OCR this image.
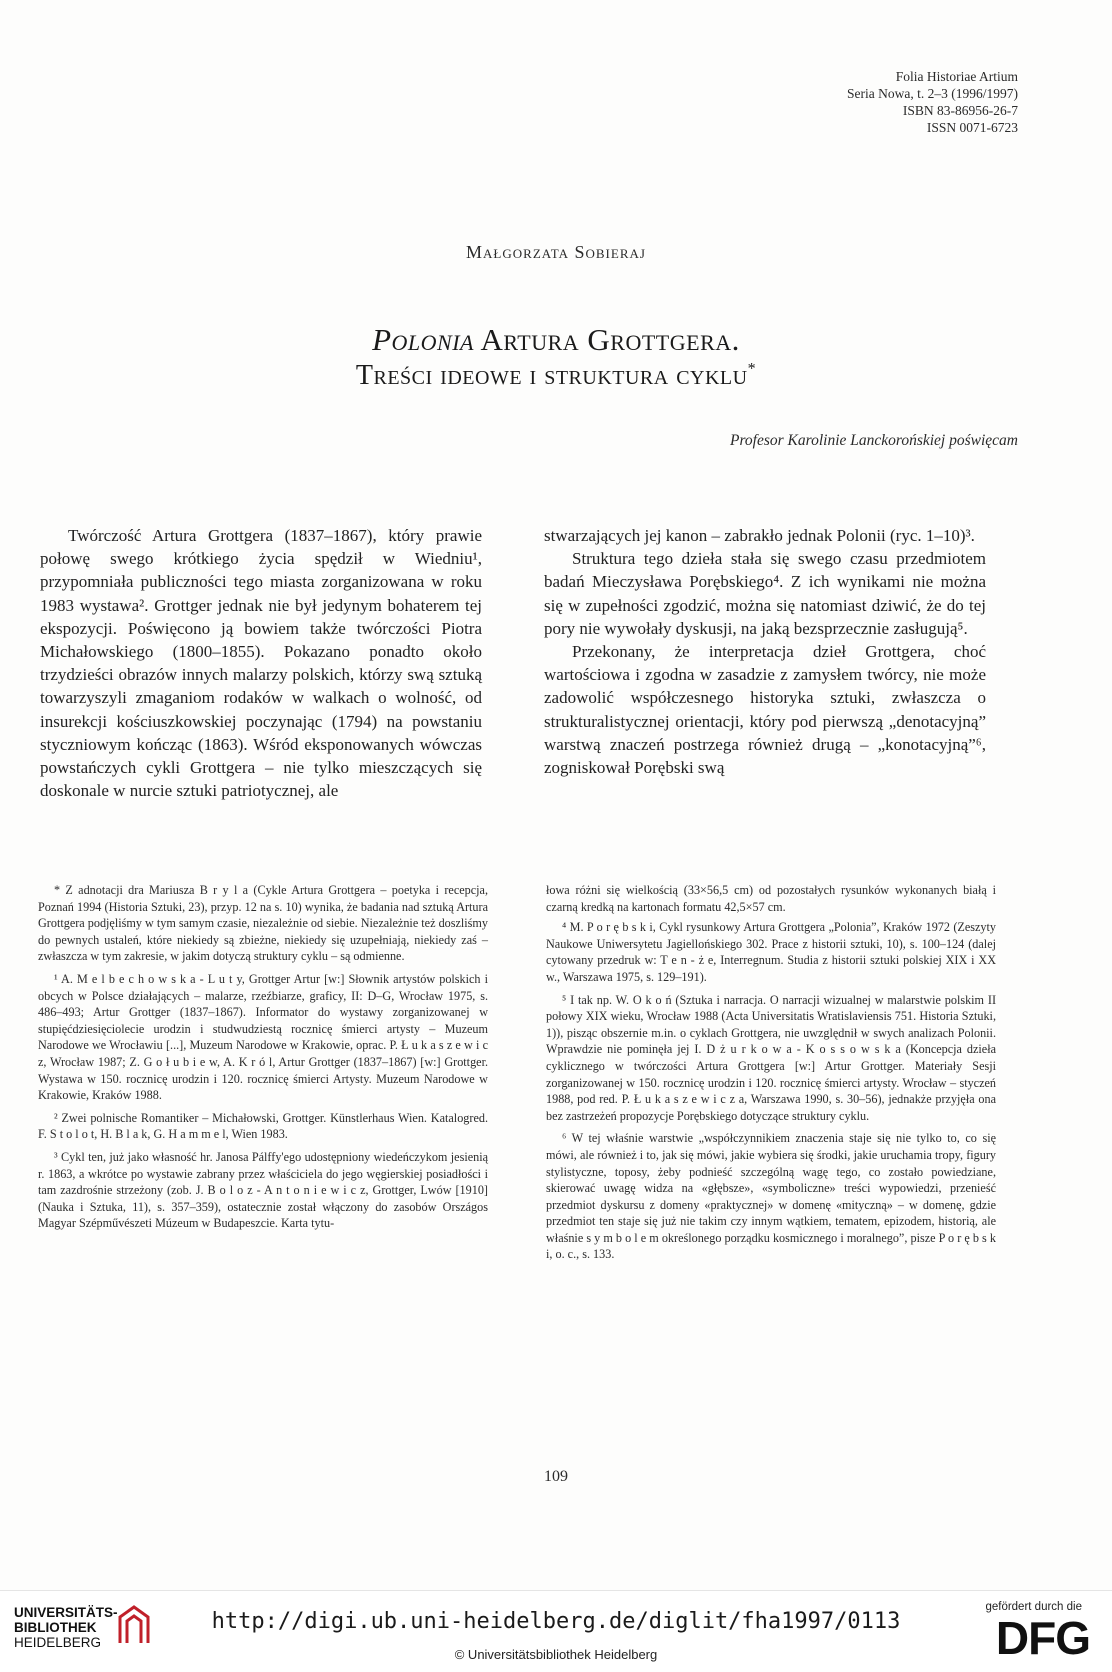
Folia Historiae Artium
Seria Nowa, t. 2–3 (1996/1997)
ISBN 83-86956-26-7
ISSN 0071-6723
Małgorzata Sobieraj
Polonia Artura Grottgera.
Treści ideowe i struktura cyklu*
Profesor Karolinie Lanckorońskiej poświęcam

Twórczość Artura Grottgera (1837–1867), który prawie połowę swego krótkiego życia spędził w Wiedniu¹, przypomniała publiczności tego miasta zorganizowana w roku 1983 wystawa². Grottger jednak nie był jedynym bohaterem tej ekspozycji. Poświęcono ją bowiem także twórczości Piotra Michałowskiego (1800–1855). Pokazano ponadto około trzydzieści obrazów innych malarzy polskich, którzy swą sztuką towarzyszyli zmaganiom rodaków w walkach o wolność, od insurekcji kościuszkowskiej poczynając (1794) na powstaniu styczniowym kończąc (1863). Wśród eksponowanych wówczas powstańczych cykli Grottgera – nie tylko mieszczących się doskonale w nurcie sztuki patriotycznej, ale

stwarzających jej kanon – zabrakło jednak Polonii (ryc. 1–10)³.

Struktura tego dzieła stała się swego czasu przedmiotem badań Mieczysława Porębskiego⁴. Z ich wynikami nie można się w zupełności zgodzić, można się natomiast dziwić, że do tej pory nie wywołały dyskusji, na jaką bezsprzecznie zasługują⁵.

Przekonany, że interpretacja dzieł Grottgera, choć wartościowa i zgodna w zasadzie z zamysłem twórcy, nie może zadowolić współczesnego historyka sztuki, zwłaszcza o strukturalistycznej orientacji, który pod pierwszą „denotacyjną” warstwą znaczeń postrzega również drugą – „konotacyjną”⁶, zogniskował Porębski swą

* Z adnotacji dra Mariusza B r y l a (Cykle Artura Grottgera – poetyka i recepcja, Poznań 1994 (Historia Sztuki, 23), przyp. 12 na s. 10) wynika, że badania nad sztuką Artura Grottgera podjęliśmy w tym samym czasie, niezależnie od siebie. Niezależnie też doszliśmy do pewnych ustaleń, które niekiedy są zbieżne, niekiedy się uzupełniają, niekiedy zaś – zwłaszcza w tym zakresie, w jakim dotyczą struktury cyklu – są odmienne.

¹ A. M e l b e c h o w s k a - L u t y, Grottger Artur [w:] Słownik artystów polskich i obcych w Polsce działających – malarze, rzeźbiarze, graficy, II: D–G, Wrocław 1975, s. 486–493; Artur Grottger (1837–1867). Informator do wystawy zorganizowanej w stupięćdziesięciolecie urodzin i studwudziestą rocznicę śmierci artysty – Muzeum Narodowe we Wrocławiu [...], Muzeum Narodowe w Krakowie, oprac. P. Ł u k a s z e w i c z, Wrocław 1987; Z. G o ł u b i e w, A. K r ó l, Artur Grottger (1837–1867) [w:] Grottger. Wystawa w 150. rocznicę urodzin i 120. rocznicę śmierci Artysty. Muzeum Narodowe w Krakowie, Kraków 1988.

² Zwei polnische Romantiker – Michałowski, Grottger. Künstlerhaus Wien. Katalogred. F. S t o l o t, H. B l a k, G. H a m m e l, Wien 1983.

³ Cykl ten, już jako własność hr. Janosa Pálffy'ego udostępniony wiedeńczykom jesienią r. 1863, a wkrótce po wystawie zabrany przez właściciela do jego węgierskiej posiadłości i tam zazdrośnie strzeżony (zob. J. B o l o z - A n t o n i e w i c z, Grottger, Lwów [1910] (Nauka i Sztuka, 11), s. 357–359), ostatecznie został włączony do zasobów Országos Magyar Szépművészeti Múzeum w Budapeszcie. Karta tytu-

łowa różni się wielkością (33×56,5 cm) od pozostałych rysunków wykonanych białą i czarną kredką na kartonach formatu 42,5×57 cm.

⁴ M. P o r ę b s k i, Cykl rysunkowy Artura Grottgera „Polonia”, Kraków 1972 (Zeszyty Naukowe Uniwersytetu Jagiellońskiego 302. Prace z historii sztuki, 10), s. 100–124 (dalej cytowany przedruk w: T e n - ż e, Interregnum. Studia z historii sztuki polskiej XIX i XX w., Warszawa 1975, s. 129–191).

⁵ I tak np. W. O k o ń (Sztuka i narracja. O narracji wizualnej w malarstwie polskim II połowy XIX wieku, Wrocław 1988 (Acta Universitatis Wratislaviensis 751. Historia Sztuki, 1)), pisząc obszernie m.in. o cyklach Grottgera, nie uwzględnił w swych analizach Polonii. Wprawdzie nie pominęła jej I. D ż u r k o w a - K o s s o w s k a (Koncepcja dzieła cyklicznego w twórczości Artura Grottgera [w:] Artur Grottger. Materiały Sesji zorganizowanej w 150. rocznicę urodzin i 120. rocznicę śmierci artysty. Wrocław – styczeń 1988, pod red. P. Ł u k a s z e w i c z a, Warszawa 1990, s. 30–56), jednakże przyjęła ona bez zastrzeżeń propozycje Porębskiego dotyczące struktury cyklu.

⁶ W tej właśnie warstwie „współczynnikiem znaczenia staje się nie tylko to, co się mówi, ale również i to, jak się mówi, jakie wybiera się środki, jakie uruchamia tropy, figury stylistyczne, toposy, żeby podnieść szczególną wagę tego, co zostało powiedziane, skierować uwagę widza na «głębsze», «symboliczne» treści wypowiedzi, przenieść przedmiot dyskursu z domeny «praktycznej» w domenę «mityczną» – w domenę, gdzie przedmiot ten staje się już nie takim czy innym wątkiem, tematem, epizodem, historią, ale właśnie s y m b o l e m określonego porządku kosmicznego i moralnego”, pisze P o r ę b s k i, o. c., s. 133.

109
UNIVERSITÄTS-
BIBLIOTHEK
HEIDELBERG
http://digi.ub.uni-heidelberg.de/diglit/fha1997/0113
© Universitätsbibliothek Heidelberg
gefördert durch die
DFG
